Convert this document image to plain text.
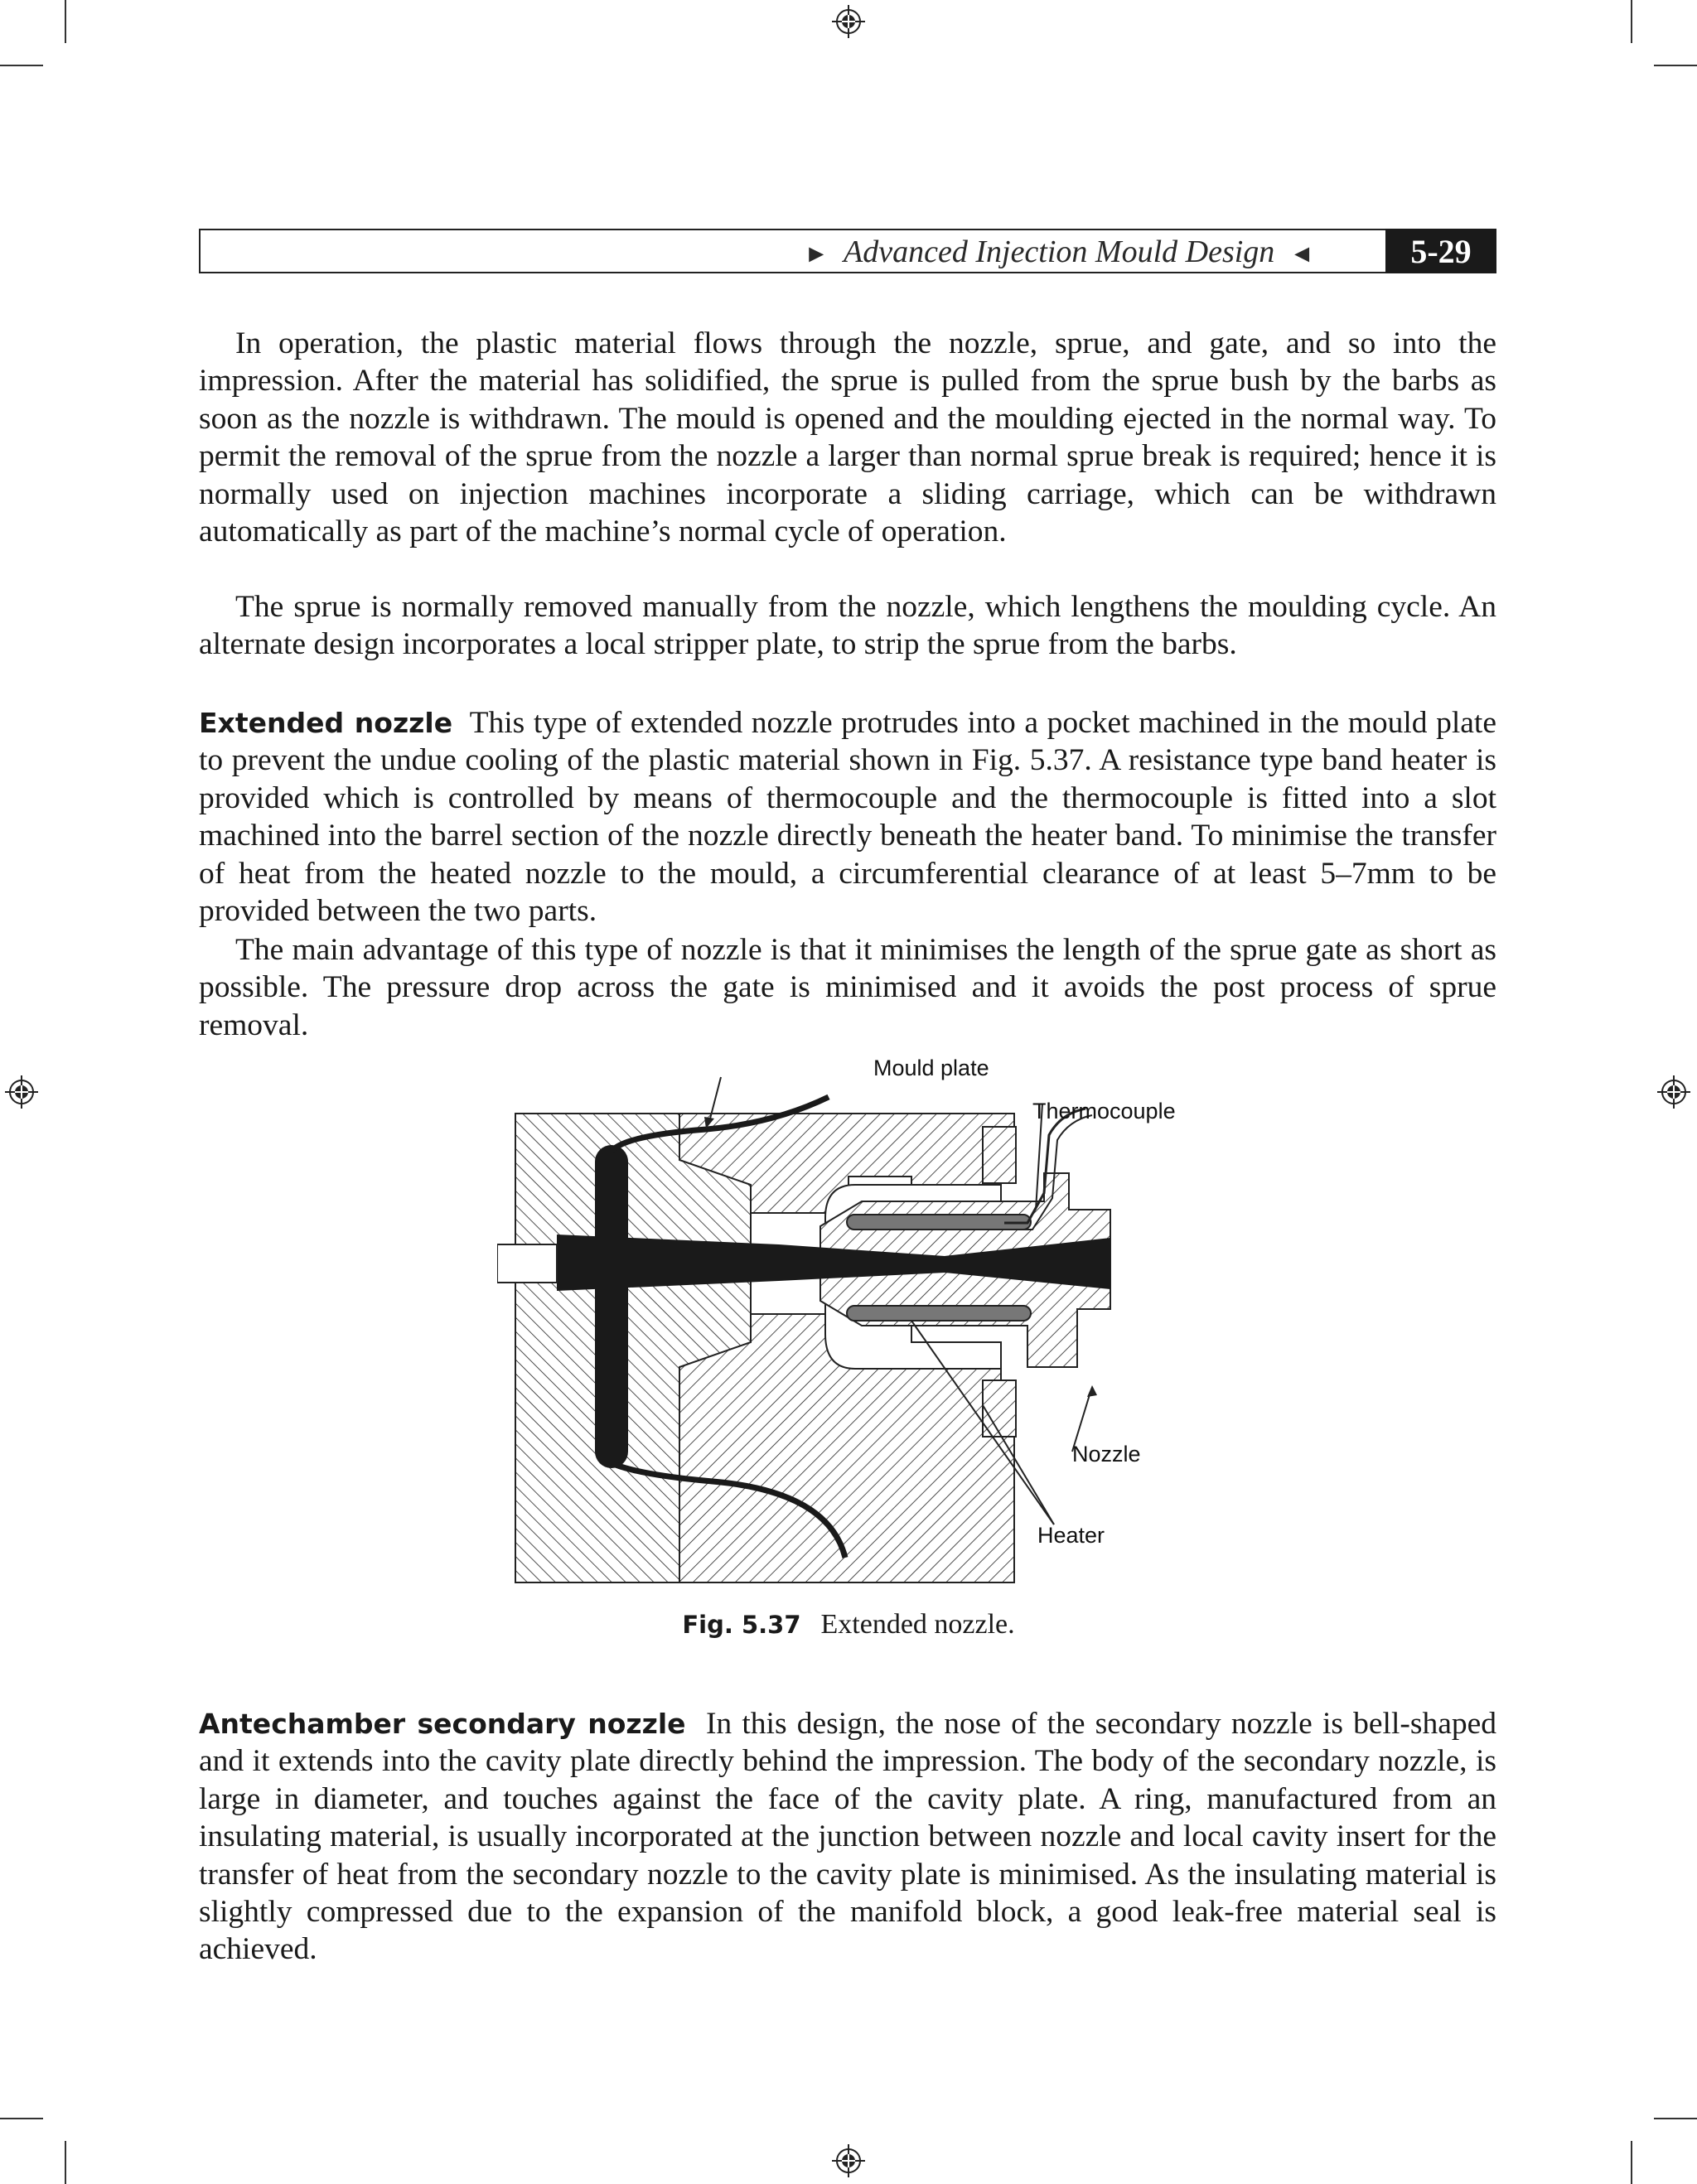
► Advanced Injection Mould Design ◄	5-29

In operation, the plastic material flows through the nozzle, sprue, and gate, and so into the impression. After the material has solidified, the sprue is pulled from the sprue bush by the barbs as soon as the nozzle is withdrawn. The mould is opened and the moulding ejected in the normal way. To permit the removal of the sprue from the nozzle a larger than normal sprue break is required; hence it is normally used on injection machines incorporate a sliding carriage, which can be withdrawn automatically as part of the machine’s normal cycle of operation.

The sprue is normally removed manually from the nozzle, which lengthens the moulding cycle. An alternate design incorporates a local stripper plate, to strip the sprue from the barbs.

Extended nozzle This type of extended nozzle protrudes into a pocket machined in the mould plate to prevent the undue cooling of the plastic material shown in Fig. 5.37. A resistance type band heater is provided which is controlled by means of thermocouple and the thermocouple is fitted into a slot machined into the barrel section of the nozzle directly beneath the heater band. To minimise the transfer of heat from the heated nozzle to the mould, a circumferential clearance of at least 5–7mm to be provided between the two parts.

The main advantage of this type of nozzle is that it minimises the length of the sprue gate as short as possible. The pressure drop across the gate is minimised and it avoids the post process of sprue removal.

Mould plate
Thermocouple
Nozzle
Heater
Fig. 5.37 Extended nozzle.

Antechamber secondary nozzle In this design, the nose of the secondary nozzle is bell-shaped and it extends into the cavity plate directly behind the impression. The body of the secondary nozzle, is large in diameter, and touches against the face of the cavity plate. A ring, manufactured from an insulating material, is usually incorporated at the junction between nozzle and local cavity insert for the transfer of heat from the secondary nozzle to the cavity plate is minimised. As the insulating material is slightly compressed due to the expansion of the manifold block, a good leak-free material seal is achieved.
